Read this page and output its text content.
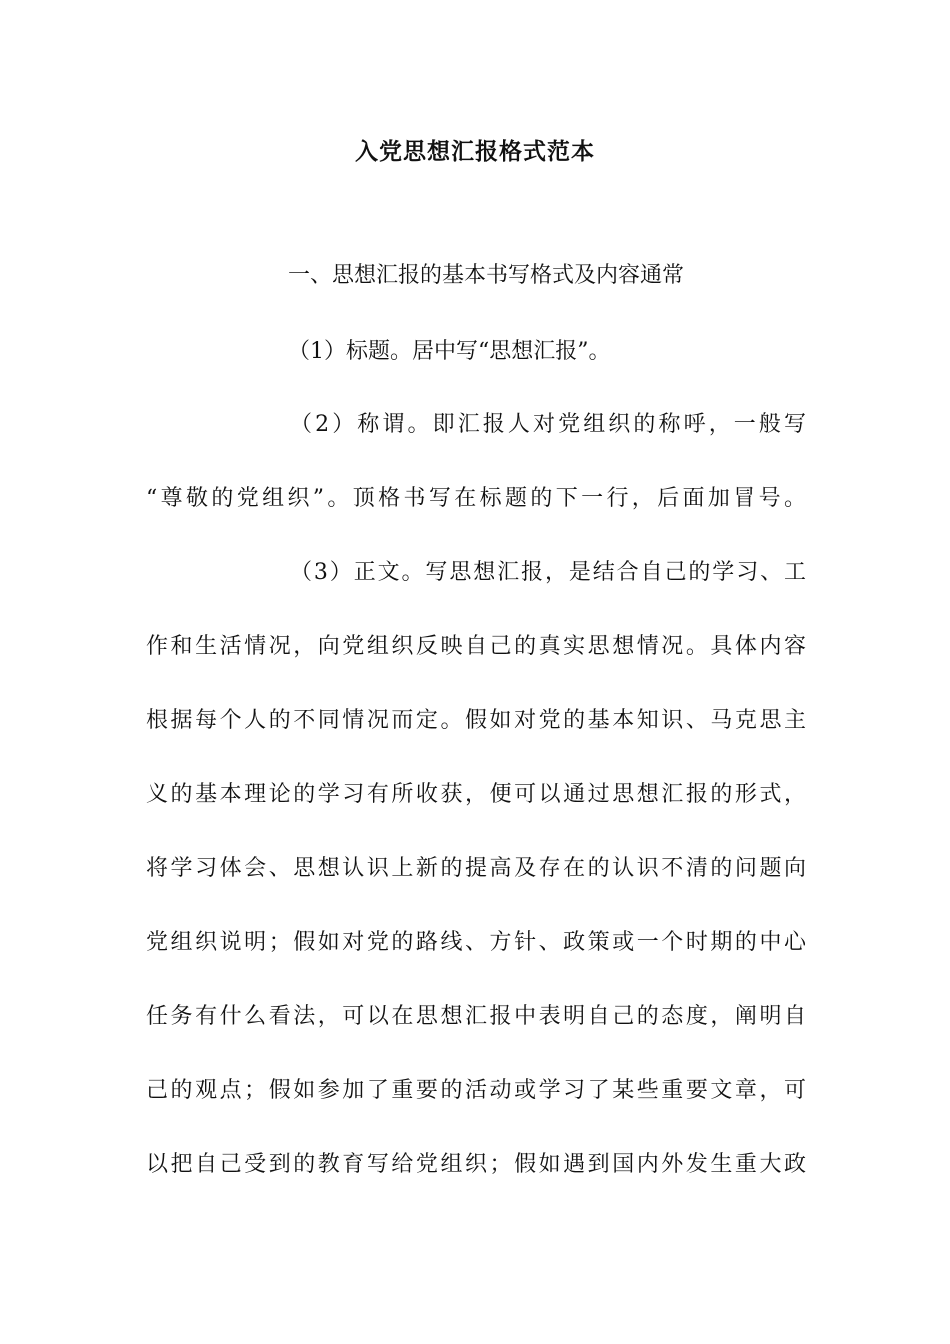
入党思想汇报格式范本
一、思想汇报的基本书写格式及内容通常
（1）标题。居中写“思想汇报”。
（2）称谓。即汇报人对党组织的称呼，一般写
“尊敬的党组织”。顶格书写在标题的下一行，后面加冒号。
（3）正文。写思想汇报，是结合自己的学习、工
作和生活情况，向党组织反映自己的真实思想情况。具体内容
根据每个人的不同情况而定。假如对党的基本知识、马克思主
义的基本理论的学习有所收获，便可以通过思想汇报的形式，
将学习体会、思想认识上新的提高及存在的认识不清的问题向
党组织说明；假如对党的路线、方针、政策或一个时期的中心
任务有什么看法，可以在思想汇报中表明自己的态度，阐明自
己的观点；假如参加了重要的活动或学习了某些重要文章，可
以把自己受到的教育写给党组织；假如遇到国内外发生重大政
